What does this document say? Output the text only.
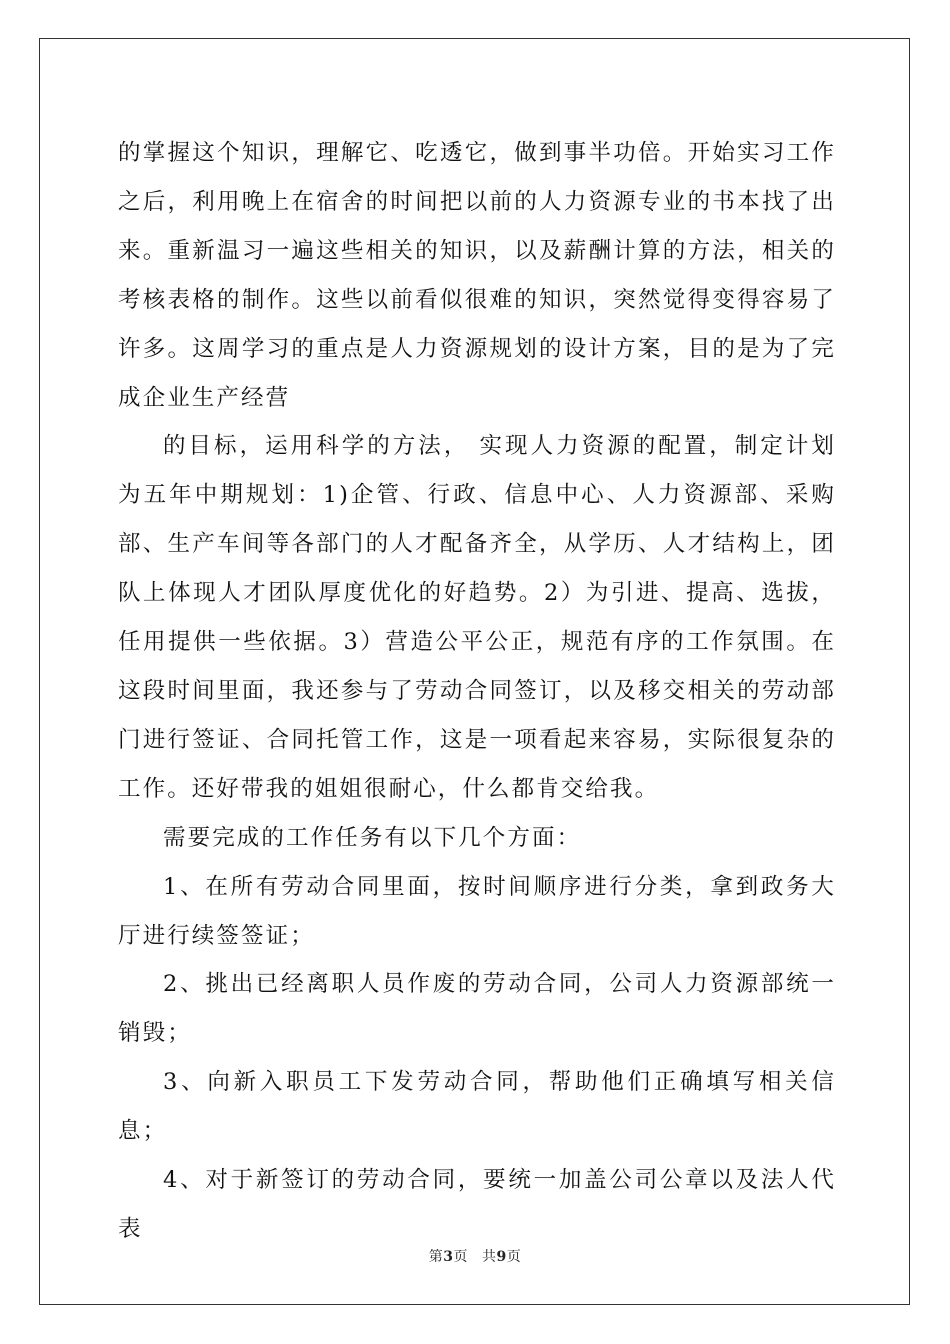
的掌握这个知识，理解它、吃透它，做到事半功倍。开始实习工作之后，利用晚上在宿舍的时间把以前的人力资源专业的书本找了出来。重新温习一遍这些相关的知识，以及薪酬计算的方法，相关的考核表格的制作。这些以前看似很难的知识，突然觉得变得容易了许多。这周学习的重点是人力资源规划的设计方案，目的是为了完成企业生产经营

的目标，运用科学的方法， 实现人力资源的配置，制定计划为五年中期规划：1)企管、行政、信息中心、人力资源部、采购部、生产车间等各部门的人才配备齐全，从学历、人才结构上，团队上体现人才团队厚度优化的好趋势。2）为引进、提高、选拔，任用提供一些依据。3）营造公平公正，规范有序的工作氛围。在这段时间里面，我还参与了劳动合同签订，以及移交相关的劳动部门进行签证、合同托管工作，这是一项看起来容易，实际很复杂的工作。还好带我的姐姐很耐心，什么都肯交给我。

需要完成的工作任务有以下几个方面：

1、在所有劳动合同里面，按时间顺序进行分类，拿到政务大厅进行续签签证；

2、挑出已经离职人员作废的劳动合同，公司人力资源部统一销毁；

3、向新入职员工下发劳动合同，帮助他们正确填写相关信息；

4、对于新签订的劳动合同，要统一加盖公司公章以及法人代表

第3页 共9页
